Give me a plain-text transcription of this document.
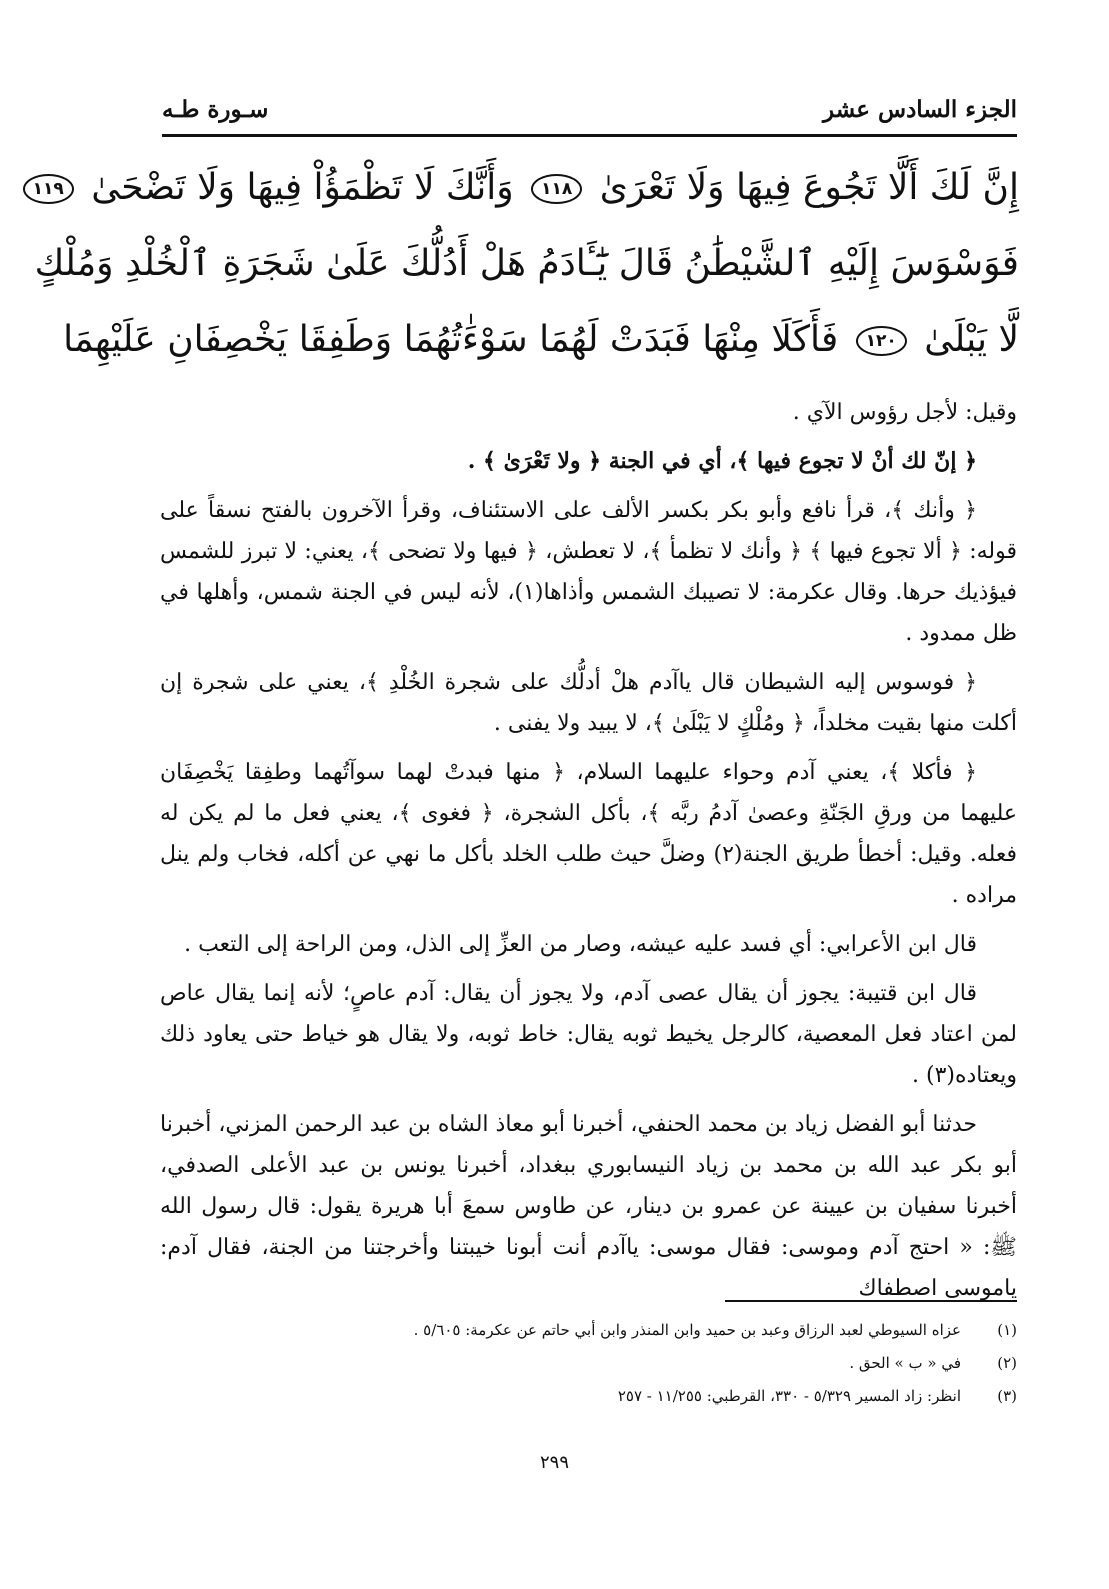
الجزء السادس عشر
سـورة طـه
إِنَّ لَكَ أَلَّا تَجُوعَ فِيهَا وَلَا تَعْرَىٰ ١١٨ وَأَنَّكَ لَا تَظْمَؤُاْ فِيهَا وَلَا تَضْحَىٰ ١١٩
فَوَسْوَسَ إِلَيْهِ ٱلشَّيْطَٰنُ قَالَ يَٰٓـَٔادَمُ هَلْ أَدُلُّكَ عَلَىٰ شَجَرَةِ ٱلْخُلْدِ وَمُلْكٍ
لَّا يَبْلَىٰ ١٢٠ فَأَكَلَا مِنْهَا فَبَدَتْ لَهُمَا سَوْءَٰتُهُمَا وَطَفِقَا يَخْصِفَانِ عَلَيْهِمَا

وقيل: لأجل رؤوس الآي .

﴿ إنّ لك أنْ لا تجوع فيها ﴾، أي في الجنة ﴿ ولا تَعْرَىٰ ﴾ .

﴿ وأنك ﴾، قرأ نافع وأبو بكر بكسر الألف على الاستئناف، وقرأ الآخرون بالفتح نسقاً على قوله: ﴿ ألا تجوع فيها ﴾ ﴿ وأنك لا تظمأ ﴾، لا تعطش، ﴿ فيها ولا تضحى ﴾، يعني: لا تبرز للشمس فيؤذيك حرها. وقال عكرمة: لا تصيبك الشمس وأذاها(١)، لأنه ليس في الجنة شمس، وأهلها في ظل ممدود .

﴿ فوسوس إليه الشيطان قال ياآدم هلْ أدلُّك على شجرة الخُلْدِ ﴾، يعني على شجرة إن أكلت منها بقيت مخلداً، ﴿ ومُلْكٍ لا يَبْلَىٰ ﴾، لا يبيد ولا يفنى .

﴿ فأكلا ﴾، يعني آدم وحواء عليهما السلام، ﴿ منها فبدتْ لهما سوآتُهما وطفِقا يَخْصِفَان عليهما من ورقِ الجَنّةِ وعصىٰ آدمُ ربَّه ﴾، بأكل الشجرة، ﴿ فغوى ﴾، يعني فعل ما لم يكن له فعله. وقيل: أخطأ طريق الجنة(٢) وضلَّ حيث طلب الخلد بأكل ما نهي عن أكله، فخاب ولم ينل مراده .

قال ابن الأعرابي: أي فسد عليه عيشه، وصار من العزِّ إلى الذل، ومن الراحة إلى التعب .

قال ابن قتيبة: يجوز أن يقال عصى آدم، ولا يجوز أن يقال: آدم عاصٍ؛ لأنه إنما يقال عاص لمن اعتاد فعل المعصية، كالرجل يخيط ثوبه يقال: خاط ثوبه، ولا يقال هو خياط حتى يعاود ذلك ويعتاده(٣) .

حدثنا أبو الفضل زياد بن محمد الحنفي، أخبرنا أبو معاذ الشاه بن عبد الرحمن المزني، أخبرنا أبو بكر عبد الله بن محمد بن زياد النيسابوري ببغداد، أخبرنا يونس بن عبد الأعلى الصدفي، أخبرنا سفيان بن عيينة عن عمرو بن دينار، عن طاوس سمعَ أبا هريرة يقول: قال رسول الله ﷺ: « احتج آدم وموسى: فقال موسى: ياآدم أنت أبونا خيبتنا وأخرجتنا من الجنة، فقال آدم: ياموسى اصطفاك

(١)
عزاه السيوطي لعبد الرزاق وعبد بن حميد وابن المنذر وابن أبي حاتم عن عكرمة: ٥/٦٠٥ .
(٢)
في « ب » الحق .
(٣)
انظر: زاد المسير ٥/٣٢٩ - ٣٣٠، القرطبي: ١١/٢٥٥ - ٢٥٧
٢٩٩
